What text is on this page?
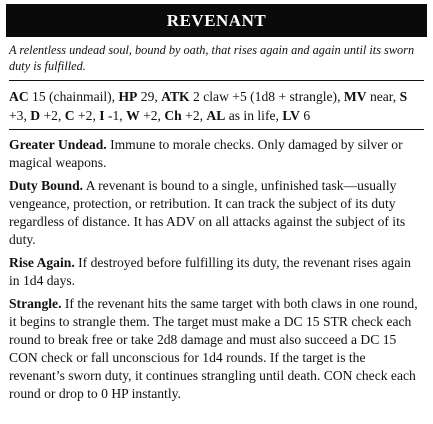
REVENANT

A relentless undead soul, bound by oath, that rises again and again until its sworn duty is fulfilled.

AC 15 (chainmail), HP 29, ATK 2 claw +5 (1d8 + strangle), MV near, S +3, D +2, C +2, I -1, W +2, Ch +2, AL as in life, LV 6

Greater Undead. Immune to morale checks. Only damaged by silver or magical weapons.

Duty Bound. A revenant is bound to a single, unfinished task—usually vengeance, protection, or retribution. It can track the subject of its duty regardless of distance. It has ADV on all attacks against the subject of its duty.

Rise Again. If destroyed before fulfilling its duty, the revenant rises again in 1d4 days.

Strangle. If the revenant hits the same target with both claws in one round, it begins to strangle them. The target must make a DC 15 STR check each round to break free or take 2d8 damage and must also succeed a DC 15 CON check or fall unconscious for 1d4 rounds. If the target is the revenant’s sworn duty, it continues strangling until death. CON check each round or drop to 0 HP instantly.
